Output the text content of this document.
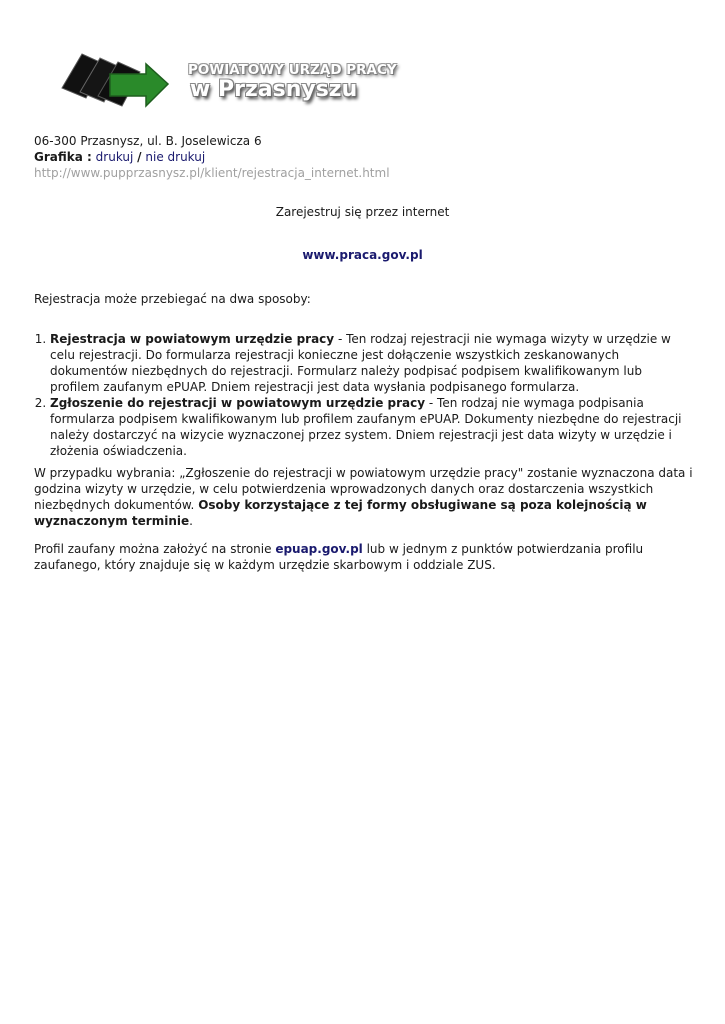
POWIATOWY URZĄD PRACY
w Przasnyszu
06-300 Przasnysz, ul. B. Joselewicza 6
Grafika : drukuj / nie drukuj
http://www.pupprzasnysz.pl/klient/rejestracja_internet.html
Zarejestruj się przez internet
www.praca.gov.pl
Rejestracja może przebiegać na dwa sposoby:
1. Rejestracja w powiatowym urzędzie pracy - Ten rodzaj rejestracji nie wymaga wizyty w urzędzie w celu rejestracji. Do formularza rejestracji konieczne jest dołączenie wszystkich zeskanowanych dokumentów niezbędnych do rejestracji. Formularz należy podpisać podpisem kwalifikowanym lub profilem zaufanym ePUAP. Dniem rejestracji jest data wysłania podpisanego formularza.
2. Zgłoszenie do rejestracji w powiatowym urzędzie pracy - Ten rodzaj nie wymaga podpisania formularza podpisem kwalifikowanym lub profilem zaufanym ePUAP. Dokumenty niezbędne do rejestracji należy dostarczyć na wizycie wyznaczonej przez system. Dniem rejestracji jest data wizyty w urzędzie i złożenia oświadczenia.
W przypadku wybrania: „Zgłoszenie do rejestracji w powiatowym urzędzie pracy" zostanie wyznaczona data i godzina wizyty w urzędzie, w celu potwierdzenia wprowadzonych danych oraz dostarczenia wszystkich niezbędnych dokumentów. Osoby korzystające z tej formy obsługiwane są poza kolejnością w wyznaczonym terminie.
Profil zaufany można założyć na stronie epuap.gov.pl lub w jednym z punktów potwierdzania profilu zaufanego, który znajduje się w każdym urzędzie skarbowym i oddziale ZUS.
